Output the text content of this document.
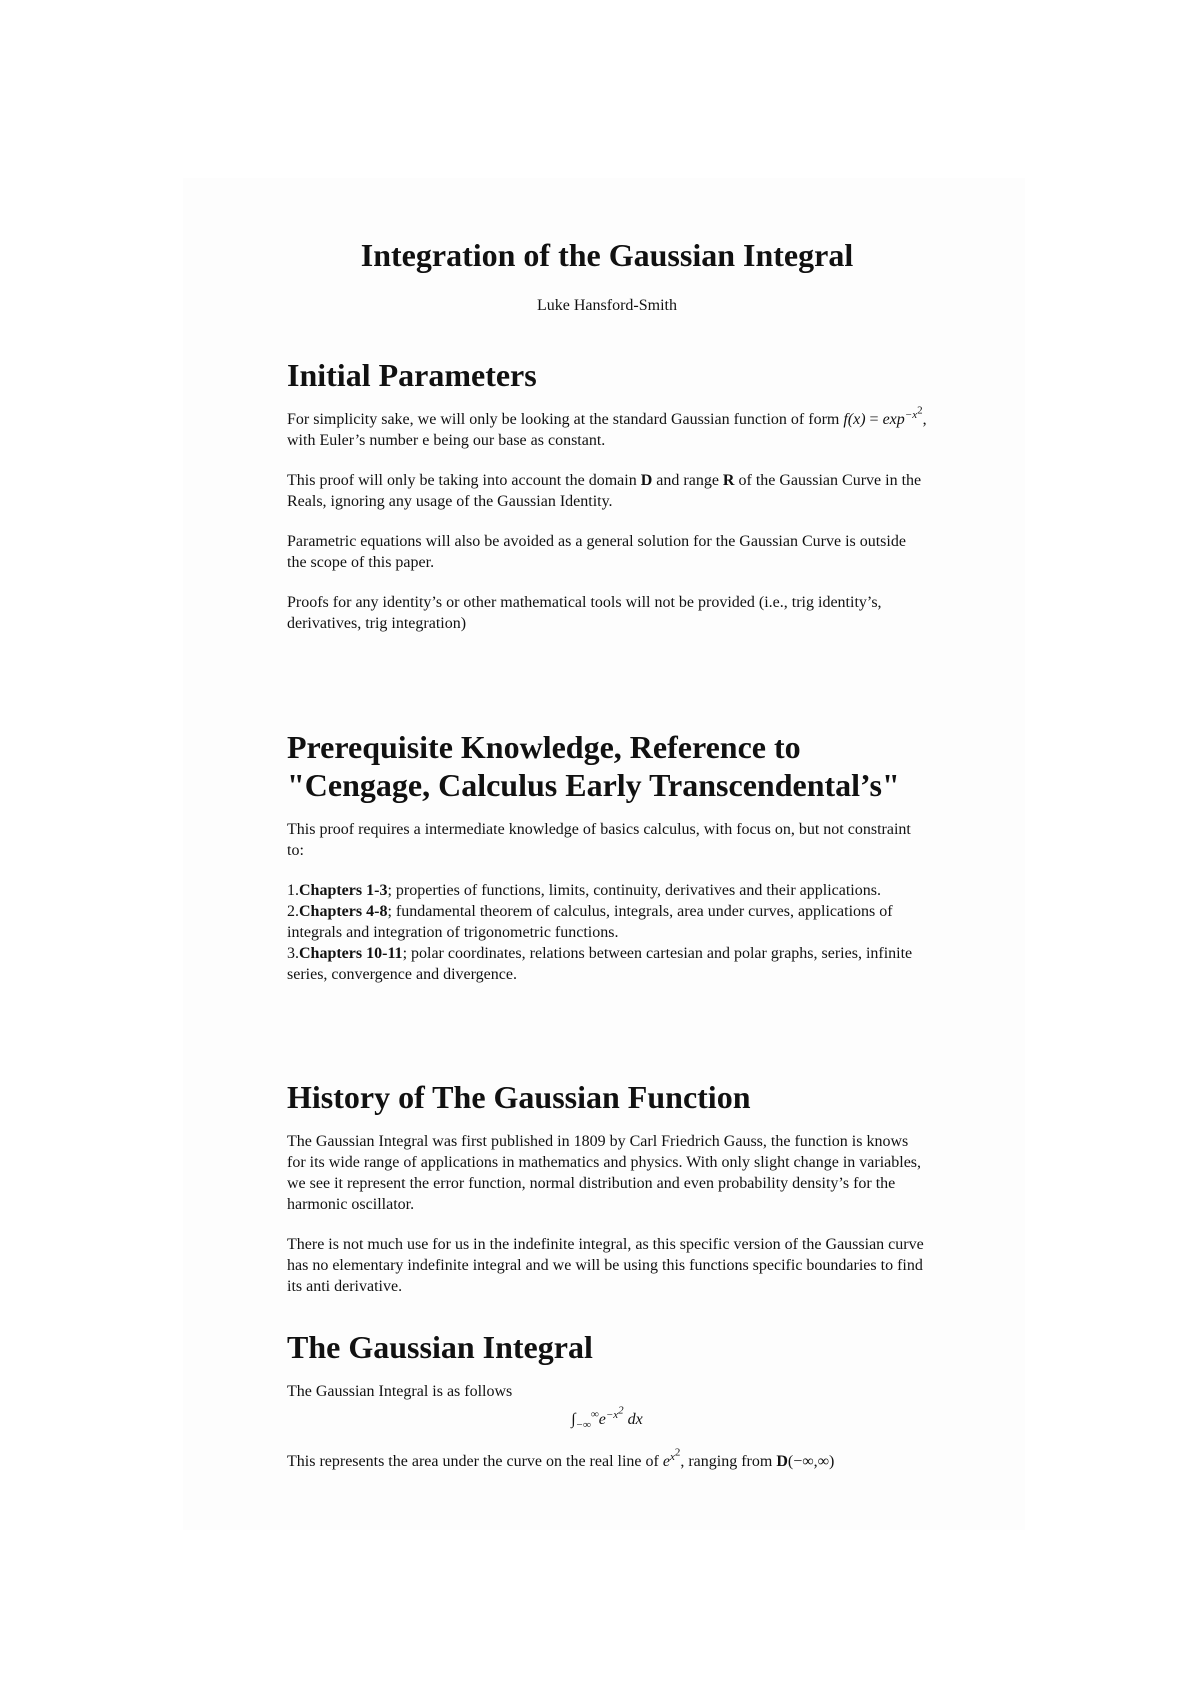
Integration of the Gaussian Integral

Luke Hansford-Smith

Initial Parameters

For simplicity sake, we will only be looking at the standard Gaussian function of form $f(x) = \exp^{-x^2}$, with Euler’s number e being our base as constant.

This proof will only be taking into account the domain D and range R of the Gaussian Curve in the Reals, ignoring any usage of the Gaussian Identity.

Parametric equations will also be avoided as a general solution for the Gaussian Curve is outside the scope of this paper.

Proofs for any identity’s or other mathematical tools will not be provided (i.e., trig identity’s, derivatives, trig integration)

Prerequisite Knowledge, Reference to "Cengage, Calculus Early Transcendental’s"

This proof requires a intermediate knowledge of basics calculus, with focus on, but not constraint to:

1.Chapters 1-3; properties of functions, limits, continuity, derivatives and their applications.
2.Chapters 4-8; fundamental theorem of calculus, integrals, area under curves, applications of integrals and integration of trigonometric functions.
3.Chapters 10-11; polar coordinates, relations between cartesian and polar graphs, series, infinite series, convergence and divergence.
History of The Gaussian Function

The Gaussian Integral was first published in 1809 by Carl Friedrich Gauss, the function is knows for its wide range of applications in mathematics and physics. With only slight change in variables, we see it represent the error function, normal distribution and even probability density’s for the harmonic oscillator.

There is not much use for us in the indefinite integral, as this specific version of the Gaussian curve has no elementary indefinite integral and we will be using this functions specific boundaries to find its anti derivative.

The Gaussian Integral

The Gaussian Integral is as follows

$\int_{-\infty}^\infty e^{-x^2}$ dx

This represents the area under the curve on the real line of $e^{x^2}$, ranging from D(−∞,∞)
